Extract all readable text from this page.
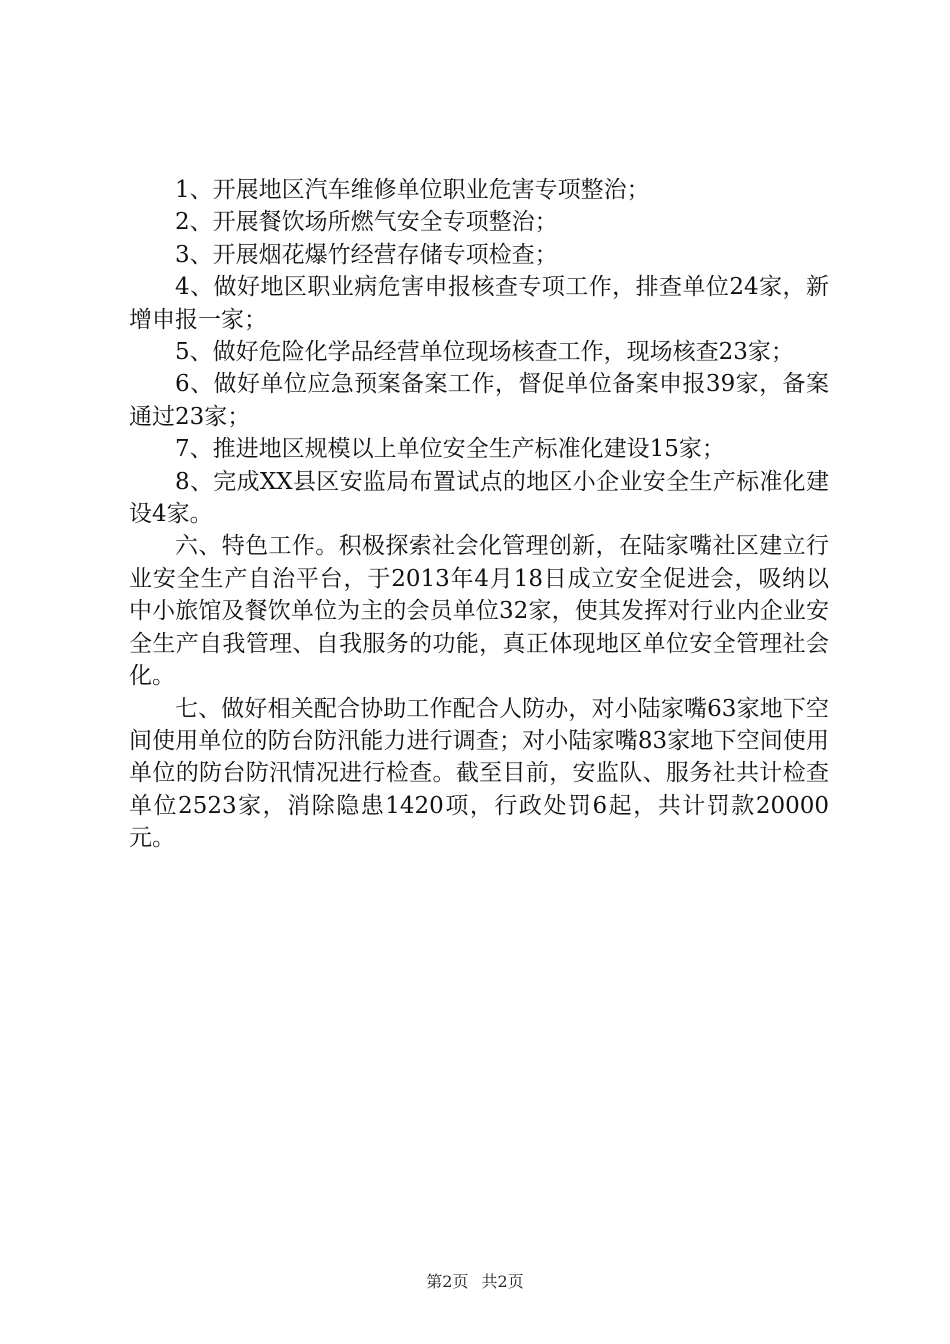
1、开展地区汽车维修单位职业危害专项整治；

2、开展餐饮场所燃气安全专项整治；

3、开展烟花爆竹经营存储专项检查；

4、做好地区职业病危害申报核查专项工作，排查单位24家，新增申报一家；

5、做好危险化学品经营单位现场核查工作，现场核查23家；

6、做好单位应急预案备案工作，督促单位备案申报39家，备案通过23家；

7、推进地区规模以上单位安全生产标准化建设15家；

8、完成XX县区安监局布置试点的地区小企业安全生产标准化建设4家。

六、特色工作。积极探索社会化管理创新，在陆家嘴社区建立行业安全生产自治平台，于2013年4月18日成立安全促进会，吸纳以中小旅馆及餐饮单位为主的会员单位32家，使其发挥对行业内企业安全生产自我管理、自我服务的功能，真正体现地区单位安全管理社会化。

七、做好相关配合协助工作配合人防办，对小陆家嘴63家地下空间使用单位的防台防汛能力进行调查；对小陆家嘴83家地下空间使用单位的防台防汛情况进行检查。截至目前，安监队、服务社共计检查单位2523家，消除隐患1420项，行政处罚6起，共计罚款20000元。

第2页 共2页
